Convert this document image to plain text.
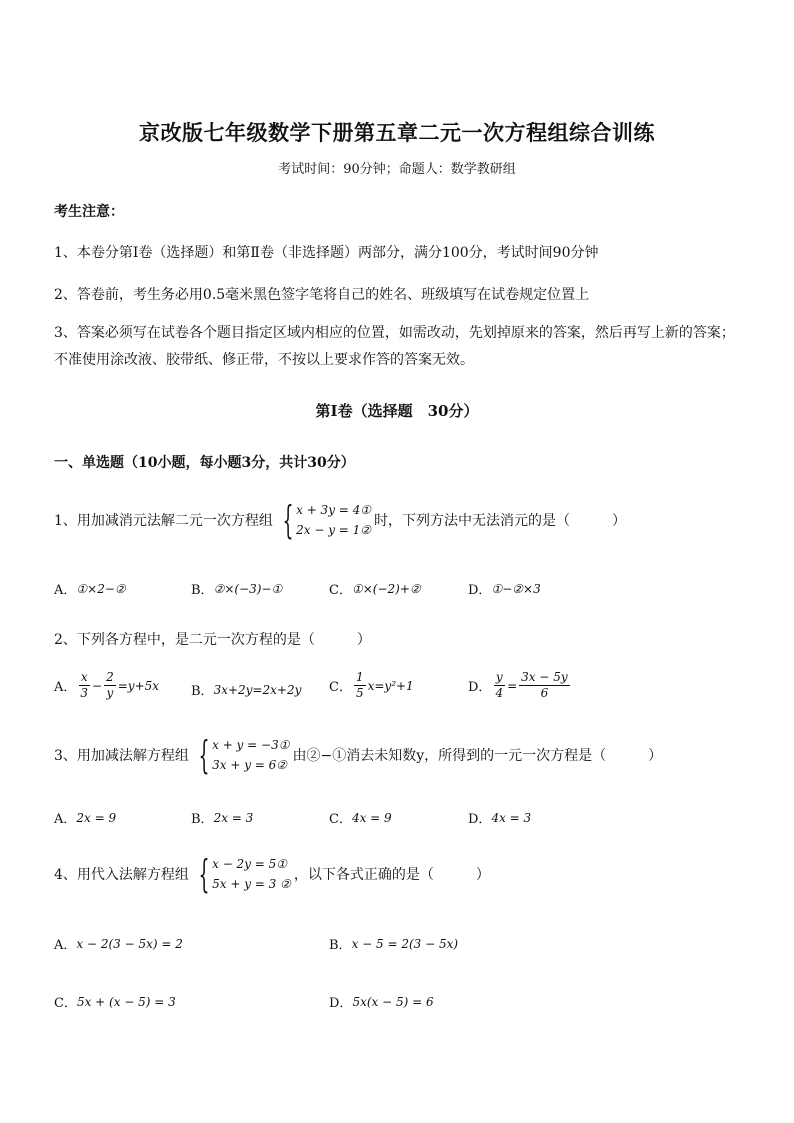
京改版七年级数学下册第五章二元一次方程组综合训练
考试时间：90分钟；命题人：数学教研组
考生注意：
1、本卷分第Ⅰ卷（选择题）和第Ⅱ卷（非选择题）两部分，满分100分，考试时间90分钟
2、答卷前，考生务必用0.5毫米黑色签字笔将自己的姓名、班级填写在试卷规定位置上
3、答案必须写在试卷各个题目指定区域内相应的位置，如需改动，先划掉原来的答案，然后再写上新的答案；不准使用涂改液、胶带纸、修正带，不按以上要求作答的答案无效。
第Ⅰ卷（选择题　30分）
一、单选题（10小题，每小题3分，共计30分）
1、用加减消元法解二元一次方程组 { x + 3y = 4①
2x − y = 1②
时，下列方法中无法消元的是（　　　）
A． ①×2−②	B． ②×(−3)−①	C． ①×(−2)+②	D． ①−②×3
2、下列各方程中，是二元一次方程的是（　　　）
A． $\frac{x}{3} - \frac{2}{y} =y+5x$ B． 3x+2y=2x+2y C． $\frac{1}{5} x=y^2+1$	D． $\frac{y}{4} = \frac{3x - 5y}{6}$
3、用加减法解方程组 { x + y = −3①
3x + y = 6②
由②−①消去未知数y，所得到的一元一次方程是（　　　）
A． 2x = 9	B． 2x = 3	C． 4x = 9	D． 4x = 3
4、用代入法解方程组 { x − 2y = 5①
5x + y = 3 ②
，以下各式正确的是（　　　）
A． x − 2(3 − 5x) = 2	B． x − 5 = 2(3 − 5x)
C． 5x + (x − 5) = 3	D． 5x(x − 5) = 6
